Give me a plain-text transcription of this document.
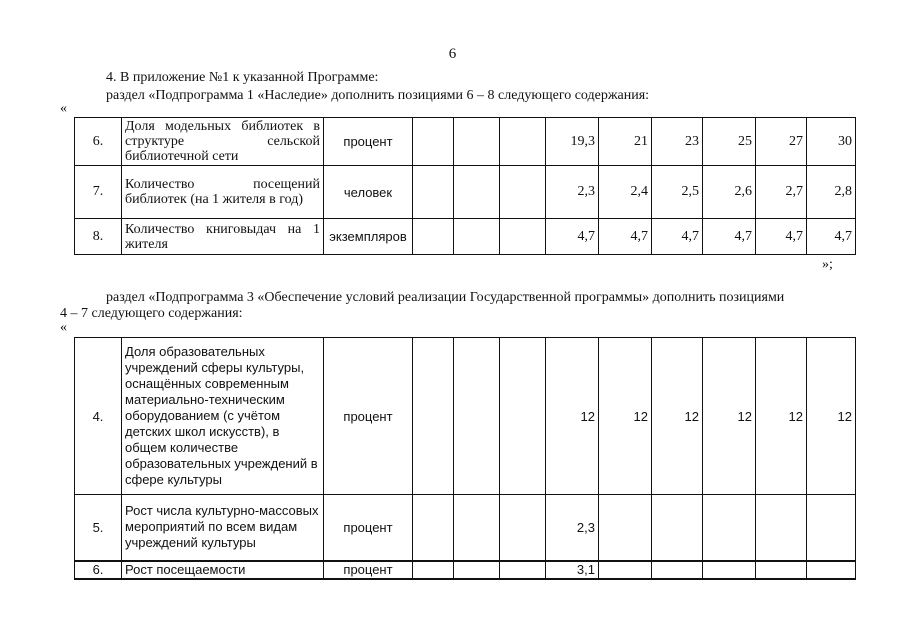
6
4. В приложение №1 к указанной Программе:
раздел «Подпрограмма 1 «Наследие» дополнить позициями 6 – 8 следующего содержания:
«
6.	Доля модельных библиотек в структуре сельской библиотечной сети	процент				19,3	21	23	25	27	30
7.	Количество посещений библиотек (на 1 жителя в год)	человек				2,3	2,4	2,5	2,6	2,7	2,8
8.	Количество книговыдач на 1 жителя	экземпляров				4,7	4,7	4,7	4,7	4,7	4,7
»;
раздел «Подпрограмма 3 «Обеспечение условий реализации Государственной программы» дополнить позициями
4 – 7 следующего содержания:
«
4.	Доля образовательных учреждений сферы культуры, оснащённых современным материально-техническим оборудованием (с учётом детских школ искусств), в общем количестве образовательных учреждений в сфере культуры	процент				12	12	12	12	12	12
5.	Рост числа культурно-массовых мероприятий по всем видам учреждений культуры	процент				2,3					
6.	Рост посещаемости	процент				3,1					
